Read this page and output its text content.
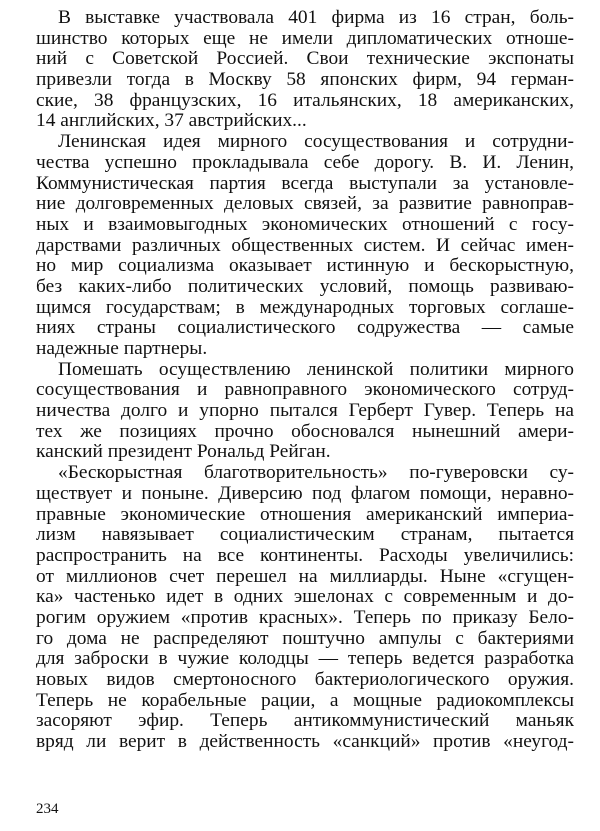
В выставке участвовала 401 фирма из 16 стран, боль-
шинство которых еще не имели дипломатических отноше-
ний с Советской Россией. Свои технические экспонаты
привезли тогда в Москву 58 японских фирм, 94 герман-
ские, 38 французских, 16 итальянских, 18 американских,
14 английских, 37 австрийских...
Ленинская идея мирного сосуществования и сотрудни-
чества успешно прокладывала себе дорогу. В. И. Ленин,
Коммунистическая партия всегда выступали за установле-
ние долговременных деловых связей, за развитие равноправ-
ных и взаимовыгодных экономических отношений с госу-
дарствами различных общественных систем. И сейчас имен-
но мир социализма оказывает истинную и бескорыстную,
без каких-либо политических условий, помощь развиваю-
щимся государствам; в международных торговых соглаше-
ниях страны социалистического содружества — самые
надежные партнеры.
Помешать осуществлению ленинской политики мирного
сосуществования и равноправного экономического сотруд-
ничества долго и упорно пытался Герберт Гувер. Теперь на
тех же позициях прочно обосновался нынешний амери-
канский президент Рональд Рейган.
«Бескорыстная благотворительность» по-гуверовски су-
ществует и поныне. Диверсию под флагом помощи, неравно-
правные экономические отношения американский империа-
лизм навязывает социалистическим странам, пытается
распространить на все континенты. Расходы увеличились:
от миллионов счет перешел на миллиарды. Ныне «сгущен-
ка» частенько идет в одних эшелонах с современным и до-
рогим оружием «против красных». Теперь по приказу Бело-
го дома не распределяют поштучно ампулы с бактериями
для заброски в чужие колодцы — теперь ведется разработка
новых видов смертоносного бактериологического оружия.
Теперь не корабельные рации, а мощные радиокомплексы
засоряют эфир. Теперь антикоммунистический маньяк
вряд ли верит в действенность «санкций» против «неугод-
234
